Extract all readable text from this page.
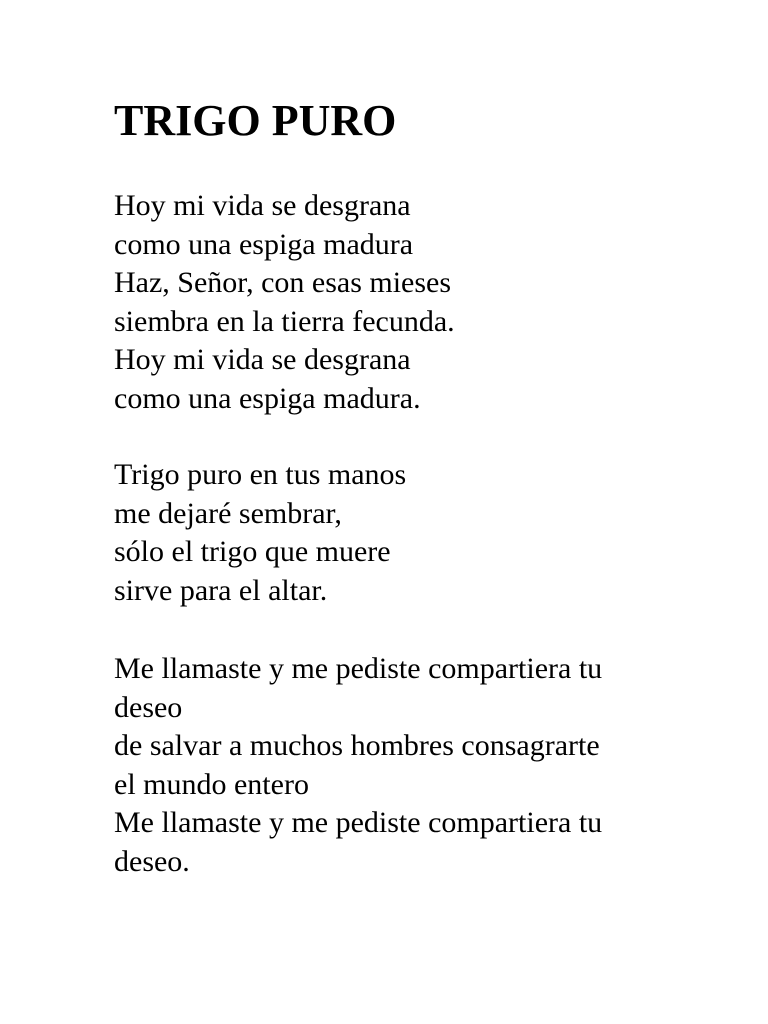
TRIGO PURO
Hoy mi vida se desgrana
como una espiga madura
Haz, Señor, con esas mieses
siembra en la tierra fecunda.
Hoy mi vida se desgrana
como una espiga madura.
Trigo puro en tus manos
me dejaré sembrar,
sólo el trigo que muere
sirve para el altar.
Me llamaste y me pediste compartiera tu
deseo
de salvar a muchos hombres consagrarte
el mundo entero
Me llamaste y me pediste compartiera tu
deseo.
